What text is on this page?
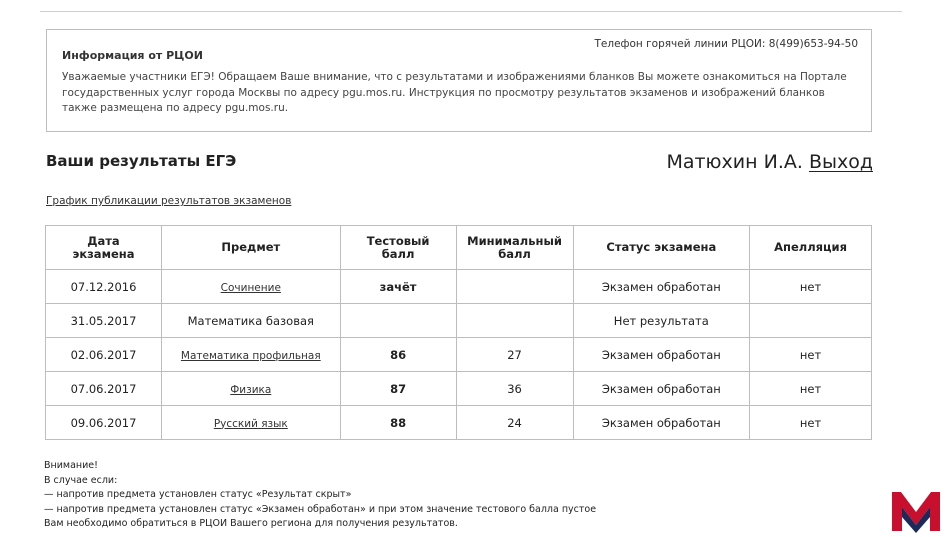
Информация от РЦОИ
Телефон горячей линии РЦОИ: 8(499)653-94-50
Уважаемые участники ЕГЭ! Обращаем Ваше внимание, что с результатами и изображениями бланков Вы можете ознакомиться на Портале государственных услуг города Москвы по адресу pgu.mos.ru. Инструкция по просмотру результатов экзаменов и изображений бланков также размещена по адресу pgu.mos.ru.
Ваши результаты ЕГЭ	Матюхин И.А. Выход
График публикации результатов экзаменов
Дата экзамена	Предмет	Тестовый балл	Минимальный балл	Статус экзамена	Апелляция
07.12.2016	Сочинение	зачёт		Экзамен обработан	нет
31.05.2017	Математика базовая			Нет результата	
02.06.2017	Математика профильная	86	27	Экзамен обработан	нет
07.06.2017	Физика	87	36	Экзамен обработан	нет
09.06.2017	Русский язык	88	24	Экзамен обработан	нет
Внимание!
В случае если:
— напротив предмета установлен статус «Результат скрыт»
— напротив предмета установлен статус «Экзамен обработан» и при этом значение тестового балла пустое
Вам необходимо обратиться в РЦОИ Вашего региона для получения результатов.
